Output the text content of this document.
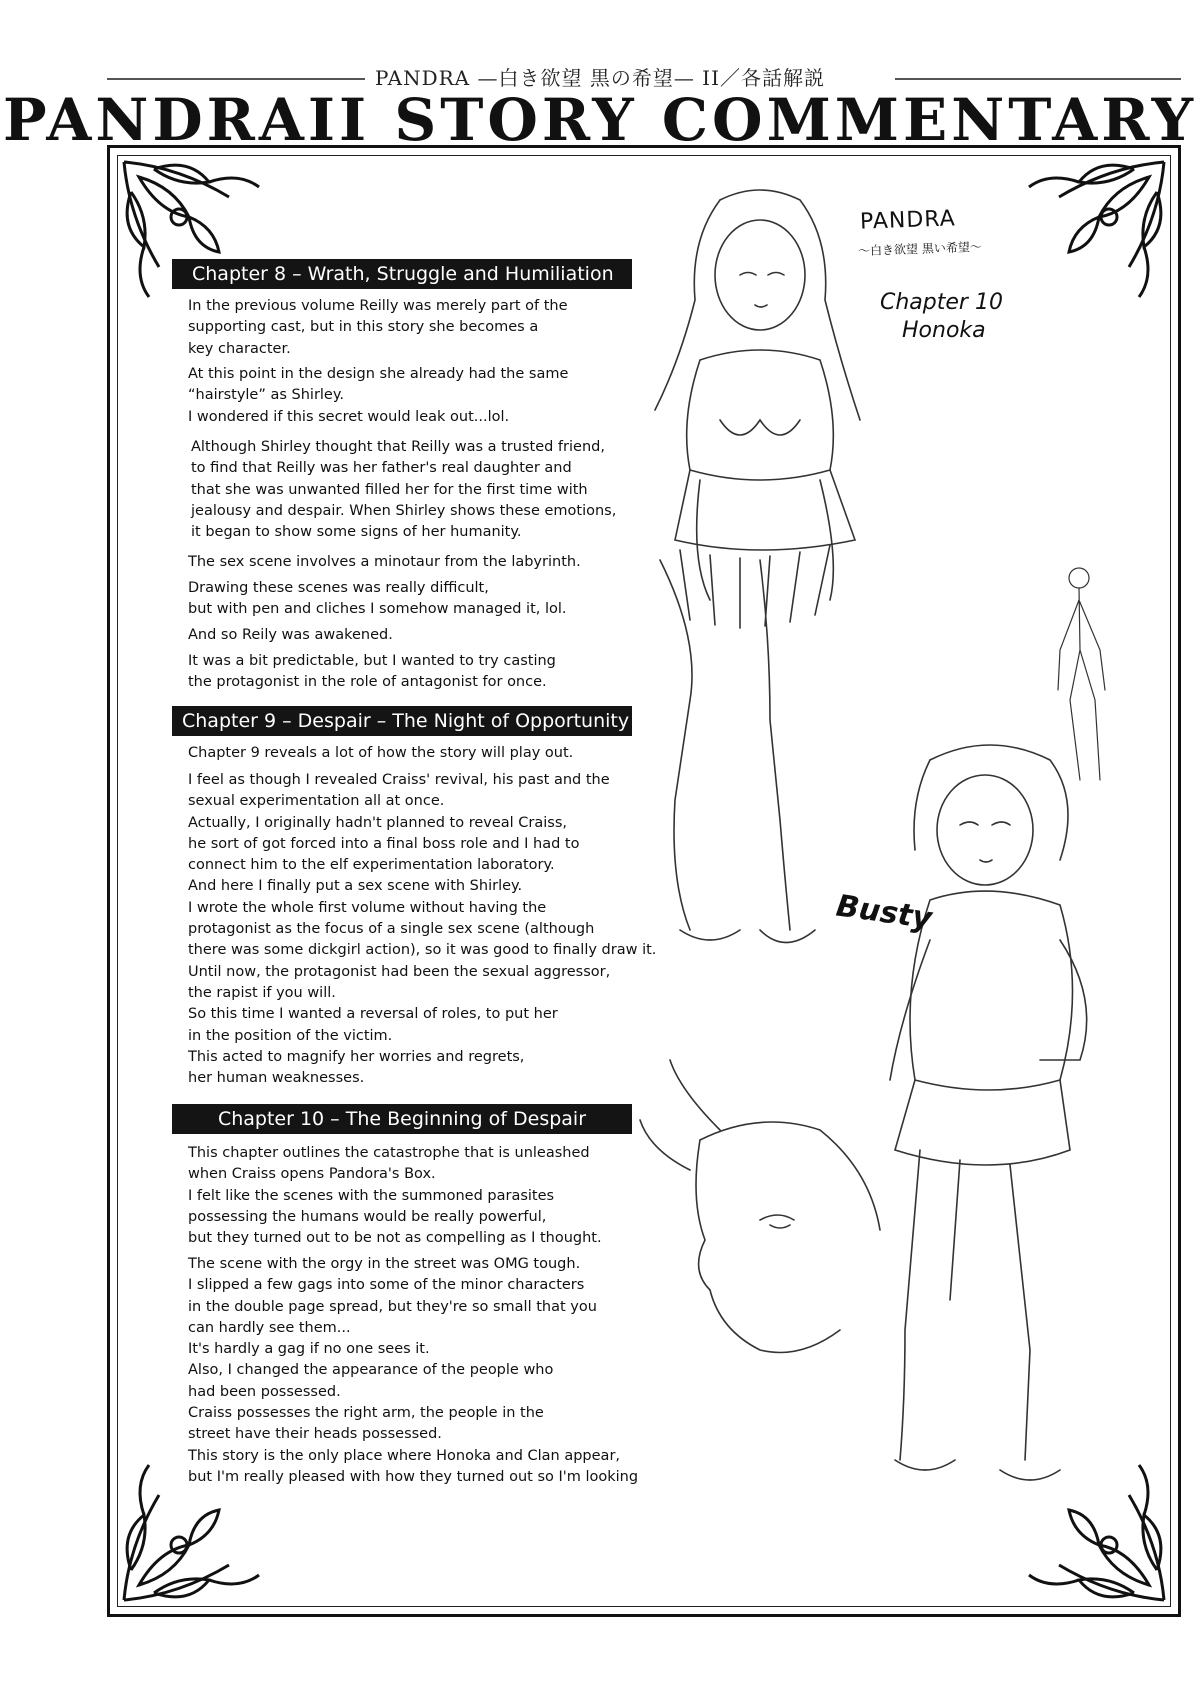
PANDRA —白き欲望 黒の希望— II／各話解説
PANDRAII STORY COMMENTARY
PANDRA
〜白き欲望 黒い希望〜
Chapter 10
Honoka
Busty
Chapter 8 – Wrath, Struggle and Humiliation
In the previous volume Reilly was merely part of the
supporting cast, but in this story she becomes a
key character.
At this point in the design she already had the same
“hairstyle” as Shirley.
I wondered if this secret would leak out...lol.
Although Shirley thought that Reilly was a trusted friend,
to find that Reilly was her father's real daughter and
that she was unwanted filled her for the first time with
jealousy and despair. When Shirley shows these emotions,
it began to show some signs of her humanity.
The sex scene involves a minotaur from the labyrinth.
Drawing these scenes was really difficult,
but with pen and cliches I somehow managed it, lol.
And so Reily was awakened.
It was a bit predictable, but I wanted to try casting
the protagonist in the role of antagonist for once.
Chapter 9 – Despair – The Night of Opportunity
Chapter 9 reveals a lot of how the story will play out.
I feel as though I revealed Craiss' revival, his past and the
sexual experimentation all at once.
Actually, I originally hadn't planned to reveal Craiss,
he sort of got forced into a final boss role and I had to
connect him to the elf experimentation laboratory.
And here I finally put a sex scene with Shirley.
I wrote the whole first volume without having the
protagonist as the focus of a single sex scene (although
there was some dickgirl action), so it was good to finally draw it.
Until now, the protagonist had been the sexual aggressor,
the rapist if you will.
So this time I wanted a reversal of roles, to put her
in the position of the victim.
This acted to magnify her worries and regrets,
her human weaknesses.
Chapter 10 – The Beginning of Despair
This chapter outlines the catastrophe that is unleashed
when Craiss opens Pandora's Box.
I felt like the scenes with the summoned parasites
possessing the humans would be really powerful,
but they turned out to be not as compelling as I thought.
The scene with the orgy in the street was OMG tough.
I slipped a few gags into some of the minor characters
in the double page spread, but they're so small that you
can hardly see them...
It's hardly a gag if no one sees it.
Also, I changed the appearance of the people who
had been possessed.
Craiss possesses the right arm, the people in the
street have their heads possessed.
This story is the only place where Honoka and Clan appear,
but I'm really pleased with how they turned out so I'm looking
